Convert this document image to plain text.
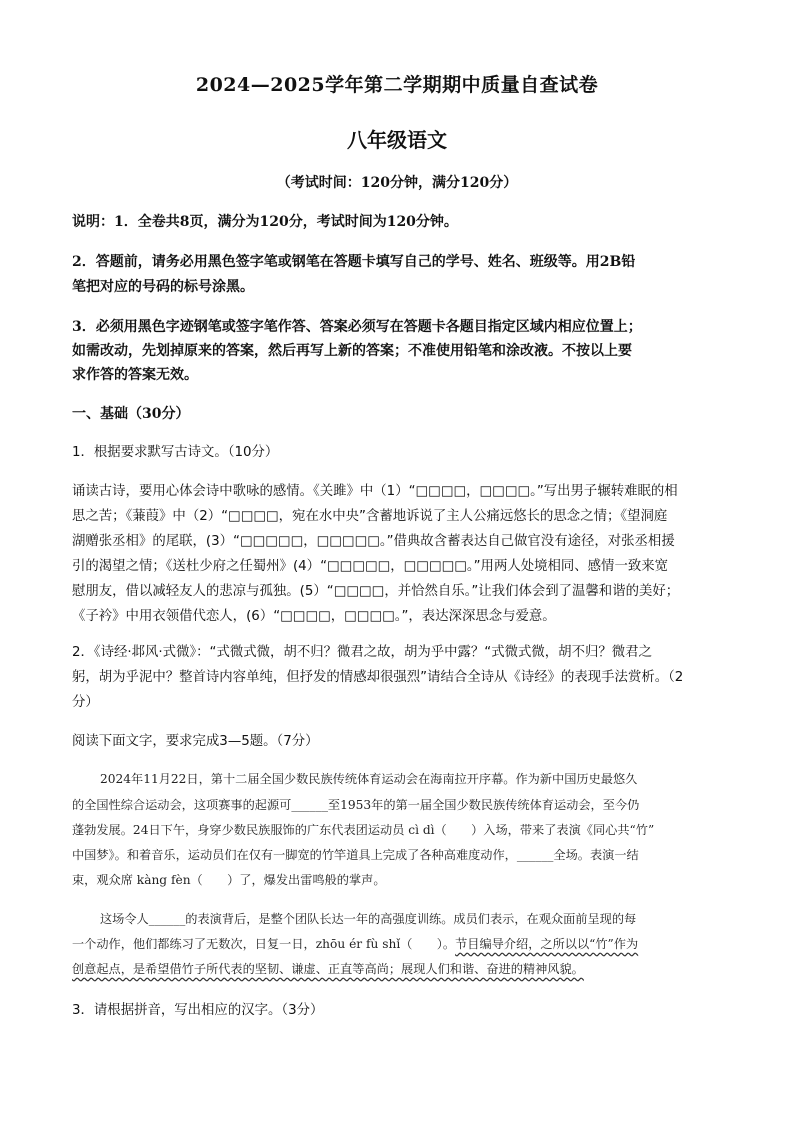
2024—2025学年第二学期期中质量自查试卷
八年级语文
（考试时间：120分钟，满分120分）
说明：1．全卷共8页，满分为120分，考试时间为120分钟。
2．答题前，请务必用黑色签字笔或钢笔在答题卡填写自己的学号、姓名、班级等。用2B铅
笔把对应的号码的标号涂黑。
3．必须用黑色字迹钢笔或签字笔作答、答案必须写在答题卡各题目指定区域内相应位置上；
如需改动，先划掉原来的答案，然后再写上新的答案；不准使用铅笔和涂改液。不按以上要
求作答的答案无效。
一、基础（30分）
1．根据要求默写古诗文。（10分）
诵读古诗，要用心体会诗中歌咏的感情。《关雎》中（1）“□□□□，□□□□。”写出男子辗转难眠的相
思之苦；《蒹葭》中（2）“□□□□，宛在水中央”含蓄地诉说了主人公痛远悠长的思念之情；《望洞庭
湖赠张丞相》的尾联，(3）“□□□□□，□□□□□。”借典故含蓄表达自己做官没有途径，对张丞相援
引的渴望之情；《送杜少府之任蜀州》(4）“□□□□□，□□□□□。”用两人处境相同、感情一致来宽
慰朋友，借以减轻友人的悲凉与孤独。(5）“□□□□，并恰然自乐。”让我们体会到了温馨和谐的美好；
《子衿》中用衣领借代恋人，(6）“□□□□，□□□□。”，表达深深思念与爱意。
2．《诗经·邶风·式微》：“式微式微，胡不归？微君之故，胡为乎中露？“式微式微，胡不归？微君之
躬，胡为乎泥中？整首诗内容单纯，但抒发的情感却很强烈”请结合全诗从《诗经》的表现手法赏析。（2
分）
阅读下面文字，要求完成3—5题。（7分）
2024年11月22日，第十二届全国少数民族传统体育运动会在海南拉开序幕。作为新中国历史最悠久
的全国性综合运动会，这项赛事的起源可______至1953年的第一届全国少数民族传统体育运动会，至今仍
蓬勃发展。24日下午，身穿少数民族服饰的广东代表团运动员 cì dì（　　）入场，带来了表演《同心共“竹”
中国梦》。和着音乐，运动员们在仅有一脚宽的竹竿道具上完成了各种高难度动作，______全场。表演一结
束，观众席 kàng fèn（　　）了，爆发出雷鸣般的掌声。
这场令人______的表演背后，是整个团队长达一年的高强度训练。成员们表示，在观众面前呈现的每
一个动作，他们都练习了无数次，日复一日，zhōu ér fù shǐ（　　）。节目编导介绍，之所以以“竹”作为
创意起点，是希望借竹子所代表的坚韧、谦虚、正直等高尚；展现人们和谐、奋进的精神风貌。
3．请根据拼音，写出相应的汉字。（3分）
